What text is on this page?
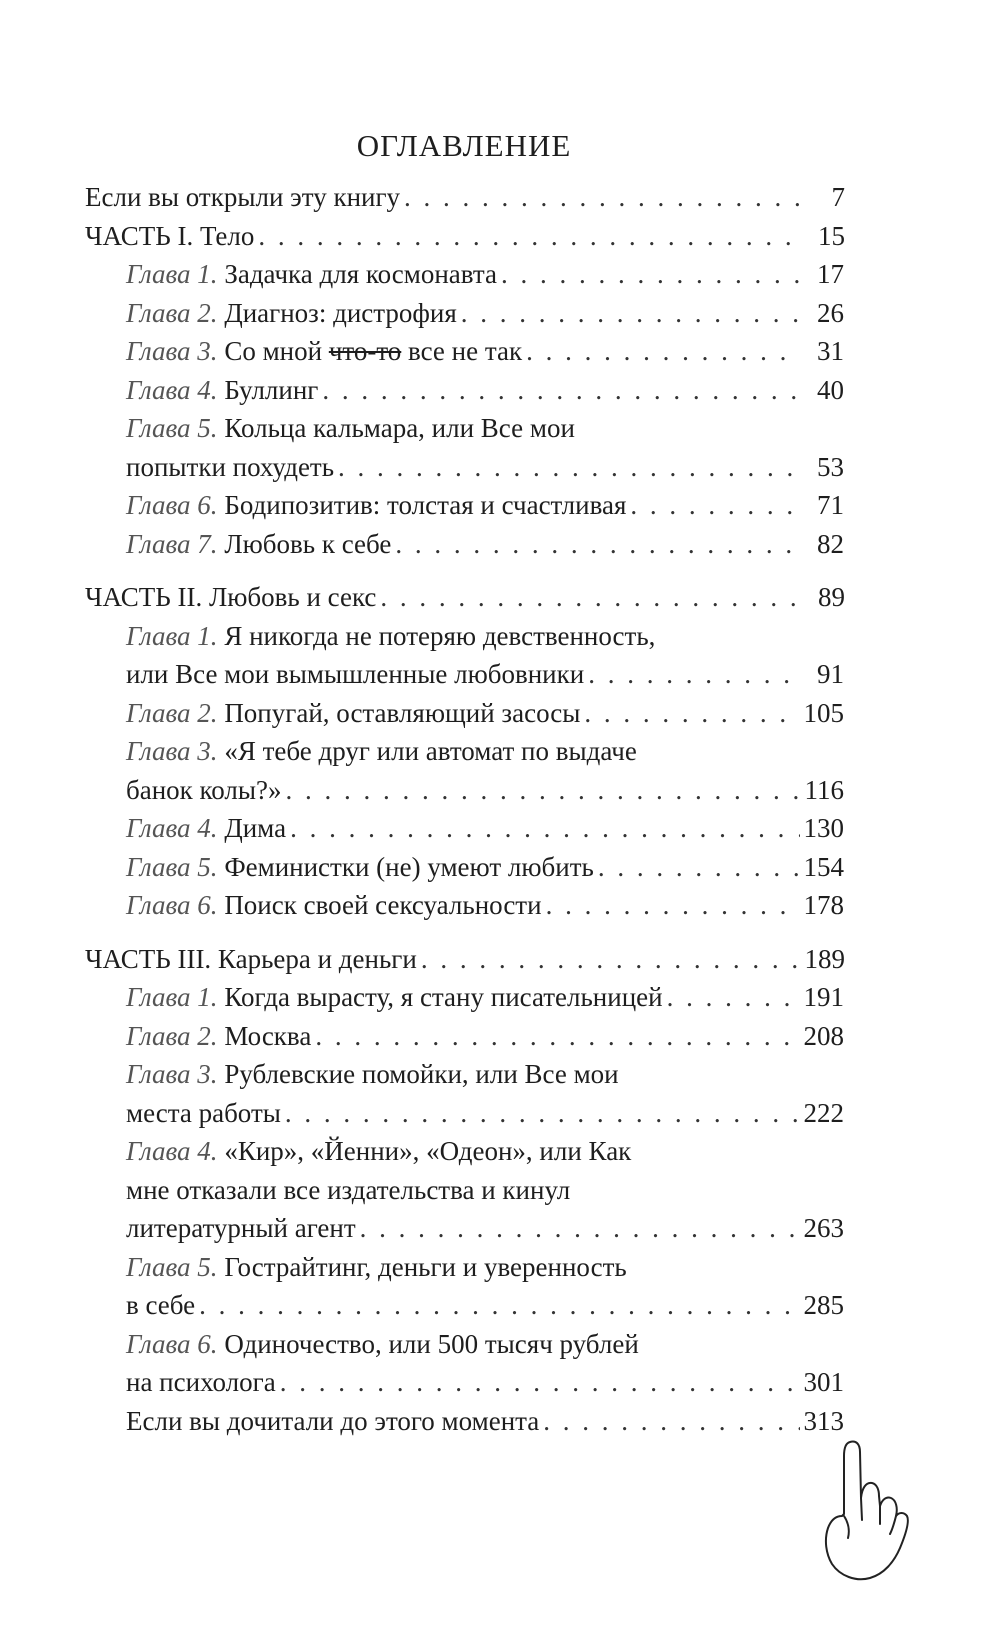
ОГЛАВЛЕНИЕ
Если вы открыли эту книгу . . .	7
ЧАСТЬ I. Тело . . .	15
Глава 1. Задачка для космонавта . . .	17
Глава 2. Диагноз: дистрофия . . .	26
Глава 3. Со мной что-то все не так . . .	31
Глава 4. Буллинг . . .	40
Глава 5. Кольца кальмара, или Все мои
попытки похудеть . . .	53
Глава 6. Бодипозитив: толстая и счастливая . . .	71
Глава 7. Любовь к себе . . .	82
ЧАСТЬ II. Любовь и секс . . .	89
Глава 1. Я никогда не потеряю девственность,
или Все мои вымышленные любовники . . .	91
Глава 2. Попугай, оставляющий засосы . . .	105
Глава 3. «Я тебе друг или автомат по выдаче
банок колы?» . . .	116
Глава 4. Дима . . .	130
Глава 5. Феминистки (не) умеют любить . . .	154
Глава 6. Поиск своей сексуальности . . .	178
ЧАСТЬ III. Карьера и деньги . . .	189
Глава 1. Когда вырасту, я стану писательницей . . .	191
Глава 2. Москва . . .	208
Глава 3. Рублевские помойки, или Все мои
места работы . . .	222
Глава 4. «Кир», «Йенни», «Одеон», или Как
мне отказали все издательства и кинул
литературный агент . . .	263
Глава 5. Гострайтинг, деньги и уверенность
в себе . . .	285
Глава 6. Одиночество, или 500 тысяч рублей
на психолога . . .	301
Если вы дочитали до этого момента . . .	313
